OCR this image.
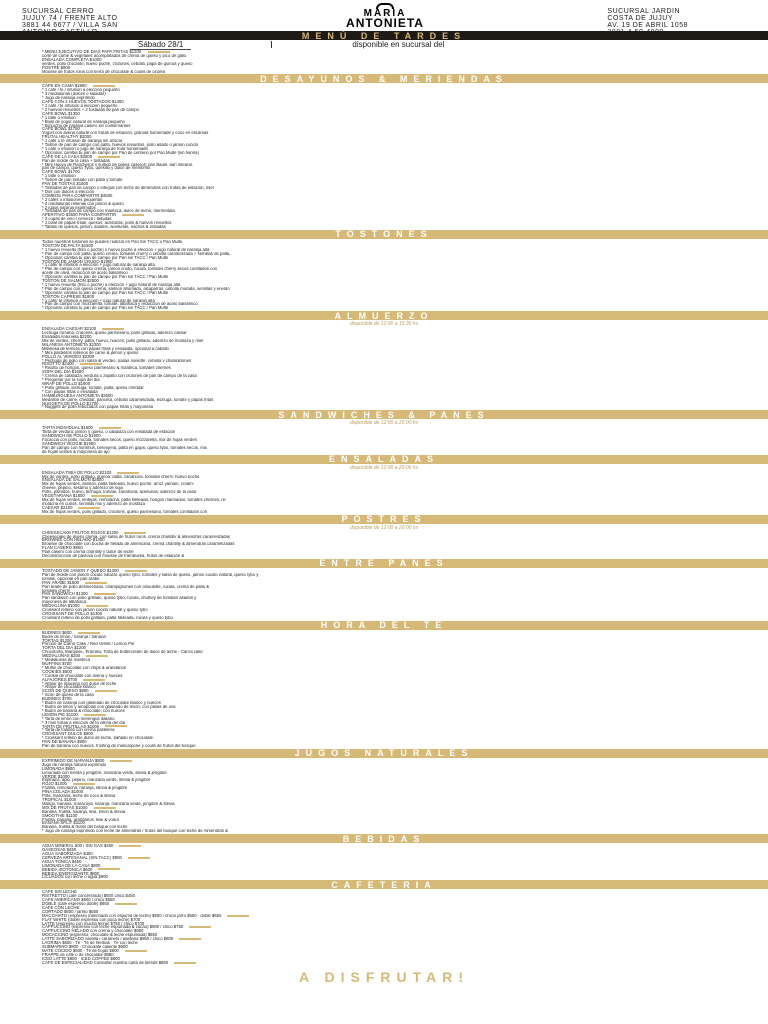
SUCURSAL CERRO
JUJUY 74 / FRENTE ALTO
3881 44 6677 / VILLA SAN
ANTONIO CASTILLO
MARIA
ANTONIETA
SUCURSAL JARDIN
COSTA DE JUJUY
AV. 19 DE ABRIL 1058
3881 4-50-4000
MENÚ DE TARDES
Sábado 28/1	disponible en sucursal del
* MENÚ EJECUTIVO DE DÍAS PAPA FRITAS $1200
corte de carne & vegetales acompañados de crema de queso y pico de gallo
ENSALADA COMPLETA $1000
verdes, pollo crocante, huevo poché, crutones, cebolla, papa de quinoa y queso
POSTRE $800
Mousse de frutos rojos con tierra de chocolate & coulis de ciruela
DESAYUNOS & MERIENDAS
CAFÉ EN CAMA $1900
* 1 café / té / infusión a elección pequeño
* 3 medialunas (dulces o saladas)
* Jugo de naranja exprimido
CAFÉ CON 2 HUEVOS TOSTADOS $1450
* 1 café / té infusión a elección pequeño
* 2 huevos revueltos + 2 tostadas de pan de campo
CAFÉ BOWL $1350
* 1 latte o infusión
* Bowl de yogur natural de naranja pequeño
* Bizcocho de naranja casero sin conservantes
CAFÉ BOWL $1750
Yogurt con avena natural con frutas de estación, granola homemade y coco en escamas
FRUTAL HEALTHY $2000
* 1 café o té infusión de naranja sin azúcar
* Tostón de pan de campo con palta, huevos revueltos, pollo asado o jamón cocido
* 1 café o infusión o jugo de naranja de fruta homemade
* Opcional: cambia tu pan de campo por Pan de centeno por Pan Multe (sin harina)
CAFÉ DE LA CASA $2800
Pan de molde de la casa + tostadas
* Mini Huevo de Rancheros y surtido de panes caseros: pan Bagel, pan integral,
pan de campo, queso Tybo, quesillo y dulce de membrillo
CAFÉ BOWL $1700
* 1 latte o infusión
* Tostón de pan tostado con palta y tomate
PAN DE TOSTAS $1500
* Tostadas de pan de campo o integral con leche de almendras con frutas de estación, miel
* Dos con dulces a elección
COMBOS PARA COMPARTIR $4500
* 2 cafés o infusiones pequeñas
* 4 medialunas rellenas con jamón & queso
* 2 jugos naranja exprimidos
* Tostadas de pan de campo con manteca, dulce de leche, mermelada
APERITIVO $3500 PARA COMPARTIR
* 2 copas de vino / cerveza / bebidas
* 1 bowl de papas fritas, quesos, aceitunas, pollo & huevos revueltos
* Tablas de quesos, jamón, salame, aceitunas, nachos & tostadas
TOSTONES
Todos nuestros tostones se pueden realizar en Pan Sin TACC o Pan Multe
TOSTÓN DE PALTA $1500
* 1 huevo revuelto (frito o poché) o huevo poché a elección + jugo natural de naranja alta
* Pan de campo con palta, queso crema, tomates cherry o cebolla caramelizada + semillas de palta,
* Opcional: cambia tu pan de campo por Pan sin TACC / Pan Multe
TOSTÓN DE JAMÓN CRUDO $1900
* 1 café/ té infusión a elección + jugo natural de naranja alta
* Pan de campo con queso crema, jamón crudo, rúcula, tomates cherry secos confitados con
aceite de oliva, reducción de aceto balsámico
* Opcional: cambia tu pan de campo por Pan sin TACC / Pan Multe
TOSTÓN DE SALMÓN $2500
* 1 huevo revuelto (frito o poché) a elección + jugo natural de naranja alta
* Pan de campo con queso crema, salmón ahumado, alcaparras, cebolla morada, semillas y eneldo
* Opcional: cambia tu pan de campo por Pan sin TACC / Pan Multe
TOSTÓN CAPRESE $1800
* 1 café/ té infusión a elección + jugo natural de naranja alta
* Pan de campo con mozzarella, tomate, albahaca y reducción de aceto balsámico
* Opcional: cambia tu pan de campo por Pan sin TACC / Pan Multe
ALMUERZO
disponible de 12:00 a 15:30 hs
ENSALADA CAESAR $2100
Lechuga romana, crutones, queso parmesano, pollo grillado, aderezo caesar
Ensalada Antonieta $2200
Mix de verdes, cherry, palta, huevo, nueces, pollo grillado, aderezo de mostaza y miel
MILANESA ANTONIETA $2300
Milanesa de ternera con papas fritas y ensalada, opcional a caballo
* Mini pastelitos rellenos de carne & jamón y queso
POLLO AL VERDEO $2300
* Pechuga de pollo con salsa al verdeo, papas noisette, cebolla y champiñones
RISOTTO $2400
* Risotto de hongos, queso parmesano & manteca, tomates cherries
SOPA DEL DÍA $1600
* Crema de calabaza, verdura o zapallo con crutones de pan de campo de la casa
* Preguntar por la sopa del día
WRAP DE POLLO $1900
* Pollo grillado, lechuga, tomate, palta, queso cheddar
* Con papas fritas o ensalada
HAMBURGUESA ANTONIETA $2600
Medallón de carne, cheddar, panceta, cebolla caramelizada, lechuga, tomate y papas fritas
NUGGETS DE POLLO $1700
* Nuggets de pollo rebozados con papas fritas y mayonesa
SANDWICHES & PANES
disponible de 12:00 a 20:00 hs
TARTA INDIVIDUAL $1600
Tarta de verdura, jamón y queso, o calabaza con ensalada de estación
SANDWICH DE POLLO $1900
Focaccia con pollo, rúcula, tomates secos, queso mozzarella, mix de hojas verdes
SANDWICH VEGGIE $1900
Pan de campo con hummus, berenjena, palta en gajos, queso tybo, tomates secos, mix
de hojas verdes & mayonesa de ajo
ENSALADAS
disponible de 12:00 a 20:00 hs
ENSALADA TIBIA DE POLLO $2100
Mix de verdes, pollo grillado, quínoa, palta, zanahoria, tomates cherry, huevo poché
ENSALADA DE SALMÓN $2800
Mix de hojas verdes, salmón, palta fileteada, huevo poché, arroz yamaní, cream-
cheese, pepino, sésamo y aderezo de soja
Pollo, palmitos, huevo, lechuga, tomate, zanahoria, aceitunas, aderezo de la casa
VEGETARIANA $1800
Mix de hojas verdes, lentejas, remolacha, palta fileteada, hongos marinados, tomates cherries, re-
molacha en cubos, semillas mix y aderezo de mostaza
CAESAR $2100
Mix de hojas verdes, pollo grillado, croutons, queso parmesano, tomates confitados con
POSTRES
disponible de 12:00 a 20:00 hs
CHEESECAKE FRUTOS ROJOS $1200
Cheesecake de queso crema, con salsa de frutos rojos, crema chantilly & almendras caramelizadas
BROWNIE CON HELADO $1300
Brownie de chocolate con bocha de helado de americana, crema chantilly & almendras caramelizadas
FLAN CASERO $900
Flan casero con crema chantilly y dulce de leche
Deconstrucción de pavlova con mousse de frambuesa, frutos de estación &
ENTRE PANES
TOSTADO DE JAMÓN Y QUESO $1300
Pan de molde con jamón cocido natural, queso tybo, tomates y salsa de queso, jamón cocido natural, queso tybo y
tomate, opcional en pan árabe
PAN ÁRABE $1500
Pan árabe de pollo desmechado, champignones con ciboulette, rúcula, crema de palta &
tomates cherry
PAN SANDWICH $1300
Pan sándwich con pollo grillado, queso tybo, rúcula, chutney de tomates asados y
mayonesa de albahaca
MEDIALUNA $1000
Croissant relleno con jamón cocido natural y queso tybo
CROISSANT DE POLLO $1300
Croissant relleno de pollo grillado, palta fileteada, rúcula y queso tybo
HORA DEL TÉ
BUDINES $600
Budín de limón / naranja / banana
TORTAS $1200
Porción de Carrot Cake / Red Velvet / Lemon Pie
TORTA DEL DÍA $1200
Chocotorta, Marquise, Tiramisú, Torta de buttercream de dulce de leche - Carrot cake
MEDIALUNAS $200
* Medialunas de manteca
MUFFINS $700
* Muffin de chocolate con chips & arándanos
COOKIES $600
* Cookie de chocolate con avena y nueces
ALFAJORES $700
* Alfajor de maicena con dulce de leche
* Alfajor de chocolate blanco
SCON DE QUESO $600
* Scon de queso de la casa
BUDINES $700
* Budín de naranja con glaseado de chocolate blanco y nueces
* Budín de limón y amapolas con glaseado de limón, con pasas de uva
* Budín de banana & chocolate, con nueces
LEMON PIE $1100
* Tarta de limón con merengue italiano
* 3 mini tortas a elección de la vitrina del día
TARTA DE FRUTILLAS $1000
* Tarta de frutillas con crema pastelera
CROISSANT DULCE $600
* Croissant relleno de dulce de leche, bañado en chocolate
PAN DE BANANA $900
Pan de banana con nueces, frosting de mascarpone y coulis de frutos del bosque
JUGOS NATURALES
EXPRIMIDO DE NARANJA $800
Jugo de naranja natural exprimido
LIMONADA $900
Limonada con menta y jengibre, manzana verde, stevia & jengibre
VERDE $1000
Espinaca, apio, pepino, manzana verde, stevia & jengibre
ROJO $1000
Frutilla, remolacha, naranja, stevia & jengibre
PIÑA COLADA $1000
Piña, manzana, leche de coco & stevia
TROPICAL $1000
Mango, banana, maracuyá, naranja, manzana verde, jengibre & stevia
MIX DE FRUTAS $1000
Banana, frutilla, naranja, kiwi, limón & stevia
SMOOTHIE $1100
Frutilla, banana, arándanos, kiwi & yogur
BANANA SPLIT $1100
Banana, frutilla & frutos del bosque con leche
* Jugo de naranja exprimido con leche de almendras / frutos del bosque con leche de Almendras &
BEBIDAS
AGUA MINERAL 500 / SIN GAS $400
GASEOSAS $450
AGUA SABORIZADA $450
CERVEZA ARTESANAL (SIN TACC) $900
AGUA TÓNICA $450
LIMONADA DE LA CASA $800
BEBIDA ISOTÓNICA $600
BEBIDA ENERGIZANTE $800
LICUADOS con leche o agua $900
CAFETERIA
CAFÉ SIN LECHE
RISTRETTO (café concentrado) $500 chico $450
CAFÉ AMERICANO $600 / chico $550
DOBLE (café espresso doble) $650
CAFÉ CON LECHE
CORTADO $600 / jarrito $650
MACCHIATO (espresso manchado con espuma de leche) $600 / chico/ jarro $650 · doble $650
FLAT WHITE (doble espresso con poca leche) $700
LATTE (espresso con mucha leche) $750 / chico $700
CAPPUCCINO (espresso con leche espumada & cacao) $800 / chico $750
CAPPUCCINO HELADO con crema y chocolate $950
MOCACCINO (espresso, chocolate & leche espumada) $850
LATTE SABORIZADO vainilla / caramelo / avellana $850 / chico $800
LÁGRIMA $600 · Té · Té de hierbas · Té con leche
SUBMARINO $800 · Chocolate caliente $900
MATE COCIDO $500 · Té de hojas $600
FRAPPÉ de café o de chocolate $950
ICED LATTE $850 · ICED COFFEE $800
CAFÉ DE ESPECIALIDAD Consultar nuestra carta de blends $850
A DISFRUTAR!
